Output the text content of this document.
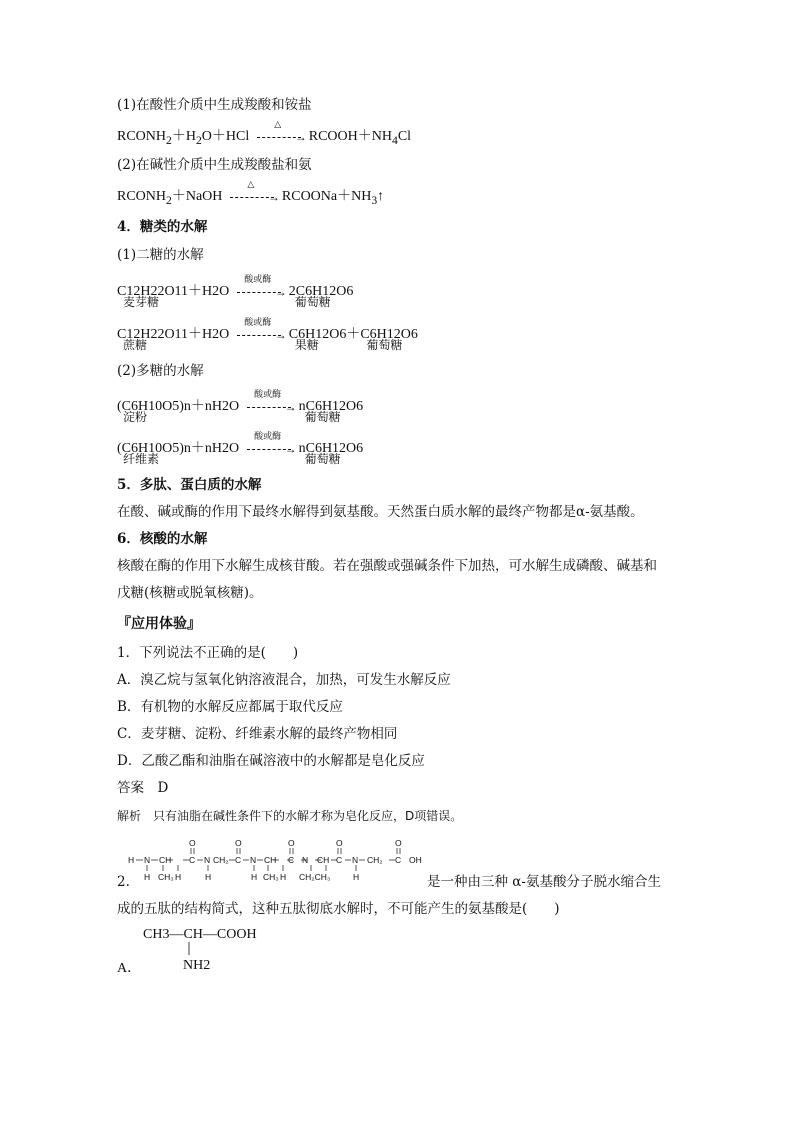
(1)在酸性介质中生成羧酸和铵盐
$RCONH_2+H_2O+HCl$
△
→ $RCOOH+NH_4Cl$
(2)在碱性介质中生成羧酸盐和氨
$RCONH_2+NaOH$
△
→ $RCOONa+NH_3↑$
4．糖类的水解
(1)二糖的水解
C12H22O11＋H2O
麦芽糖

酸或酶
→ 2C6H12O6
葡萄糖
C12H22O11＋H2O
蔗糖

酸或酶
→ C6H12O6
果糖
＋C6H12O6
葡萄糖
(2)多糖的水解
(C6H10O5)n＋nH2O
淀粉

酸或酶
→ nC6H12O6
葡萄糖
(C6H10O5)n＋nH2O
纤维素

酸或酶
→ nC6H12O6
葡萄糖
5．多肽、蛋白质的水解
在酸、碱或酶的作用下最终水解得到氨基酸。天然蛋白质水解的最终产物都是α-氨基酸。
6．核酸的水解
核酸在酶的作用下水解生成核苷酸。若在强酸或强碱条件下加热，可水解生成磷酸、碱基和
戊糖(核糖或脱氧核糖)。
『应用体验』
1．下列说法不正确的是(　　)
A．溴乙烷与氢氧化钠溶液混合，加热，可发生水解反应
B．有机物的水解反应都属于取代反应
C．麦芽糖、淀粉、纤维素水解的最终产物相同
D．乙酸乙酯和油脂在碱溶液中的水解都是皂化反应
答案　D
解析　只有油脂在碱性条件下的水解才称为皂化反应，D项错误。
H N CH C N CH₂ C N CH C N CH C N CH₂ C OH
O	O	O	O	O
H CH₃ H	H	H CH₃ H CH₂CH₃	H
2.	是一种由三种 α-氨基酸分子脱水缩合生
成的五肽的结构简式，这种五肽彻底水解时，不可能产生的氨基酸是(　　)
CH3—CH—COOH
NH2
A．
